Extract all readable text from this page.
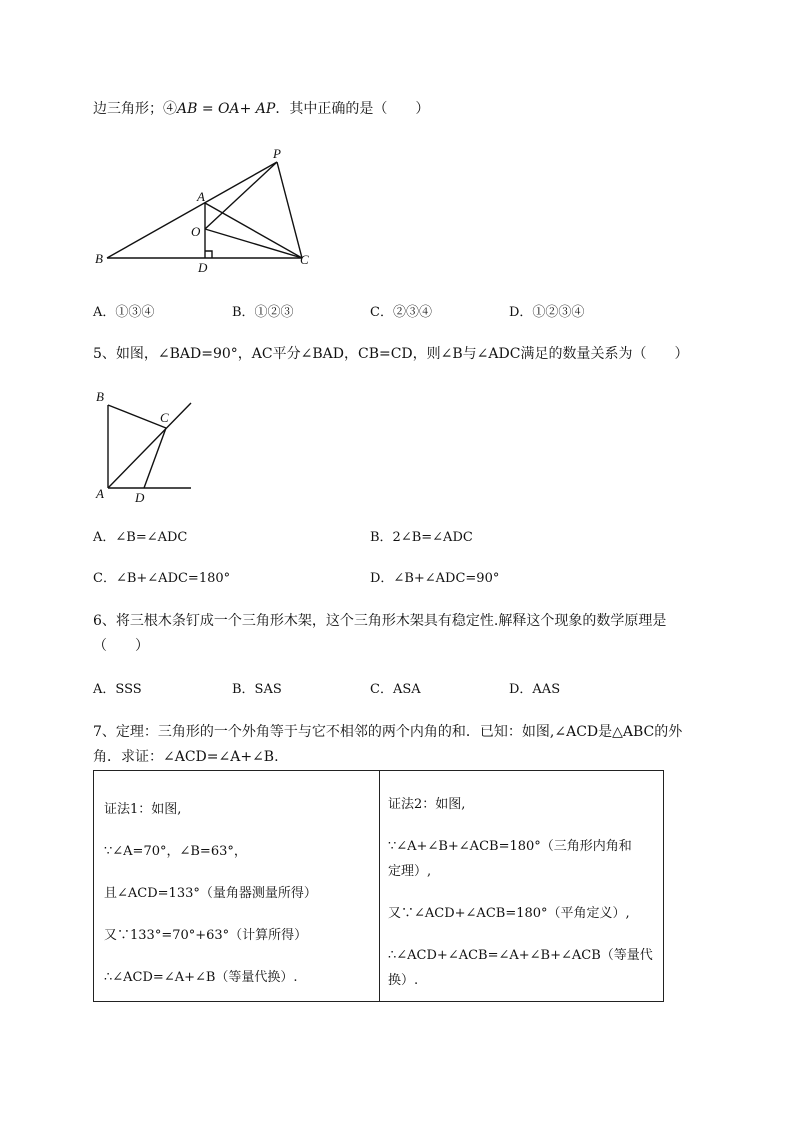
边三角形；④AB = OA+ AP．其中正确的是（　　）
P
A
O
B
D
C
A．①③④	B．①②③	C．②③④	D．①②③④
5、如图，∠BAD=90°，AC平分∠BAD，CB=CD，则∠B与∠ADC满足的数量关系为（　　）
B
C
A D
A．∠B=∠ADC	B．2∠B=∠ADC
C．∠B+∠ADC=180°	D．∠B+∠ADC=90°
6、将三根木条钉成一个三角形木架，这个三角形木架具有稳定性.解释这个现象的数学原理是
（　　）
A．SSS	B．SAS	C．ASA	D．AAS
7、定理：三角形的一个外角等于与它不相邻的两个内角的和．已知：如图,∠ACD是△ABC的外
角．求证：∠ACD=∠A+∠B.

证法1：如图,
∵∠A=70°，∠B=63°，
且∠ACD=133°（量角器测量所得）
又∵133°=70°+63°（计算所得）
∴∠ACD=∠A+∠B（等量代换）.
证法2：如图,
∵∠A+∠B+∠ACB=180°（三角形内角和
定理）,
又∵∠ACD+∠ACB=180°（平角定义）,
∴∠ACD+∠ACB=∠A+∠B+∠ACB（等量代
换）.
